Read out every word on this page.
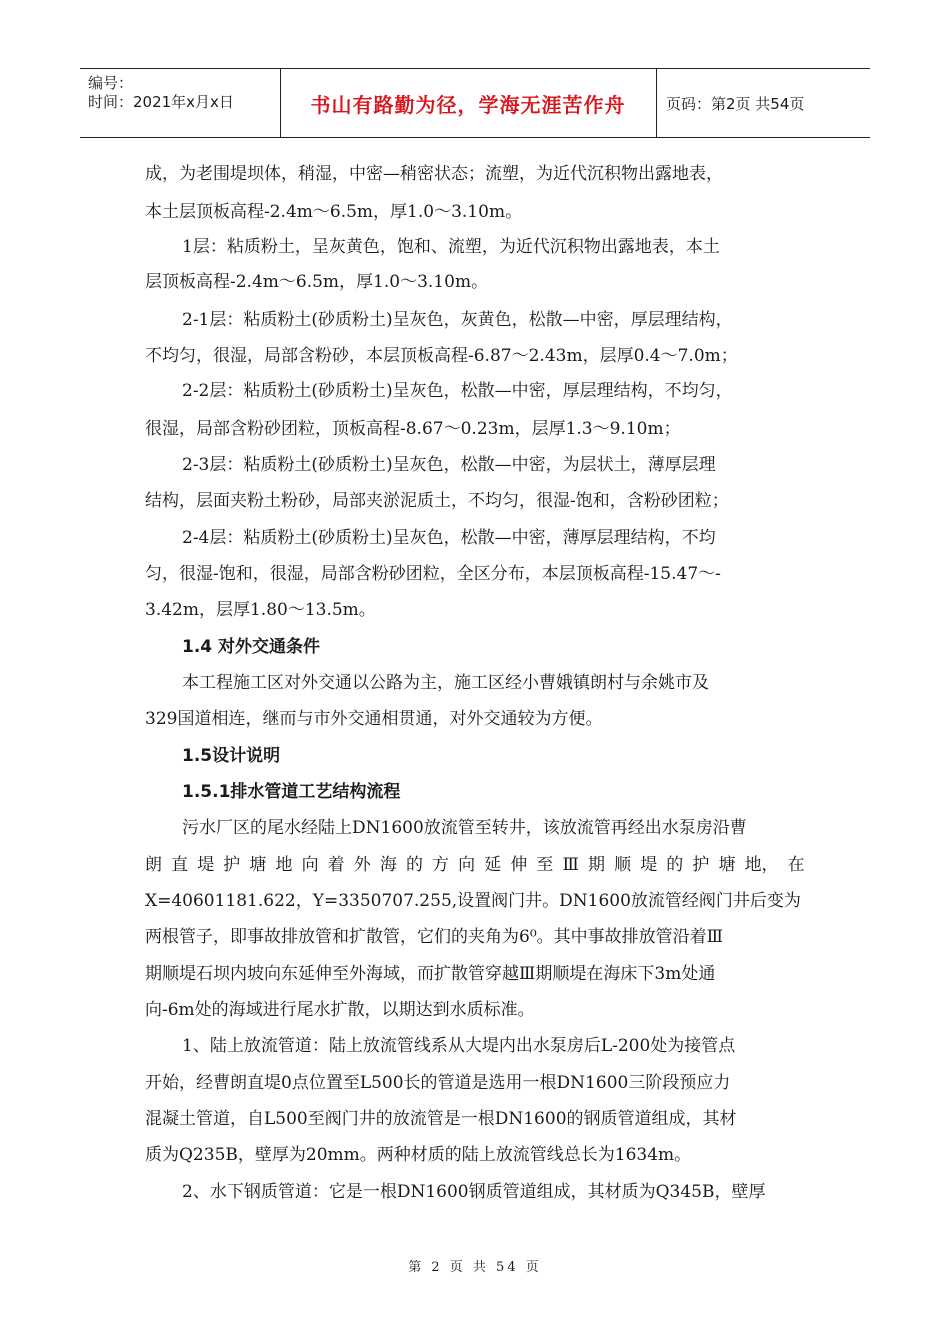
编号：
时间：2021年x月x日	书山有路勤为径，学海无涯苦作舟	页码：第2页 共54页
成，为老围堤坝体，稍湿，中密—稍密状态；流塑，为近代沉积物出露地表，
本土层顶板高程-2.4m～6.5m，厚1.0～3.10m。
1层：粘质粉土，呈灰黄色，饱和、流塑，为近代沉积物出露地表，本土
层顶板高程-2.4m～6.5m，厚1.0～3.10m。
2-1层：粘质粉土(砂质粉土)呈灰色，灰黄色，松散—中密，厚层理结构，
不均匀，很湿，局部含粉砂，本层顶板高程-6.87～2.43m，层厚0.4～7.0m；
2-2层：粘质粉土(砂质粉土)呈灰色，松散—中密，厚层理结构，不均匀，
很湿，局部含粉砂团粒，顶板高程-8.67～0.23m，层厚1.3～9.10m；
2-3层：粘质粉土(砂质粉土)呈灰色，松散—中密，为层状土，薄厚层理
结构，层面夹粉土粉砂，局部夹淤泥质土，不均匀，很湿-饱和，含粉砂团粒；
2-4层：粘质粉土(砂质粉土)呈灰色，松散—中密，薄厚层理结构，不均
匀，很湿-饱和，很湿，局部含粉砂团粒，全区分布，本层顶板高程-15.47～-
3.42m，层厚1.80～13.5m。
1.4 对外交通条件
本工程施工区对外交通以公路为主，施工区经小曹娥镇朗村与余姚市及
329国道相连，继而与市外交通相贯通，对外交通较为方便。
1.5设计说明
1.5.1排水管道工艺结构流程
污水厂区的尾水经陆上DN1600放流管至转井，该放流管再经出水泵房沿曹
朗 直 堤 护 塘 地 向 着 外 海 的 方 向 延 伸 至 Ⅲ 期 顺 堤 的 护 塘 地， 在
X=40601181.622，Y=3350707.255,设置阀门井。DN1600放流管经阀门井后变为
两根管子，即事故排放管和扩散管，它们的夹角为6⁰。其中事故排放管沿着Ⅲ
期顺堤石坝内坡向东延伸至外海域，而扩散管穿越Ⅲ期顺堤在海床下3m处通
向-6m处的海域进行尾水扩散，以期达到水质标准。
1、陆上放流管道：陆上放流管线系从大堤内出水泵房后L-200处为接管点
开始，经曹朗直堤0点位置至L500长的管道是选用一根DN1600三阶段预应力
混凝土管道，自L500至阀门井的放流管是一根DN1600的钢质管道组成，其材
质为Q235B，壁厚为20mm。两种材质的陆上放流管线总长为1634m。
2、水下钢质管道：它是一根DN1600钢质管道组成，其材质为Q345B，壁厚
第 2 页 共 54 页
